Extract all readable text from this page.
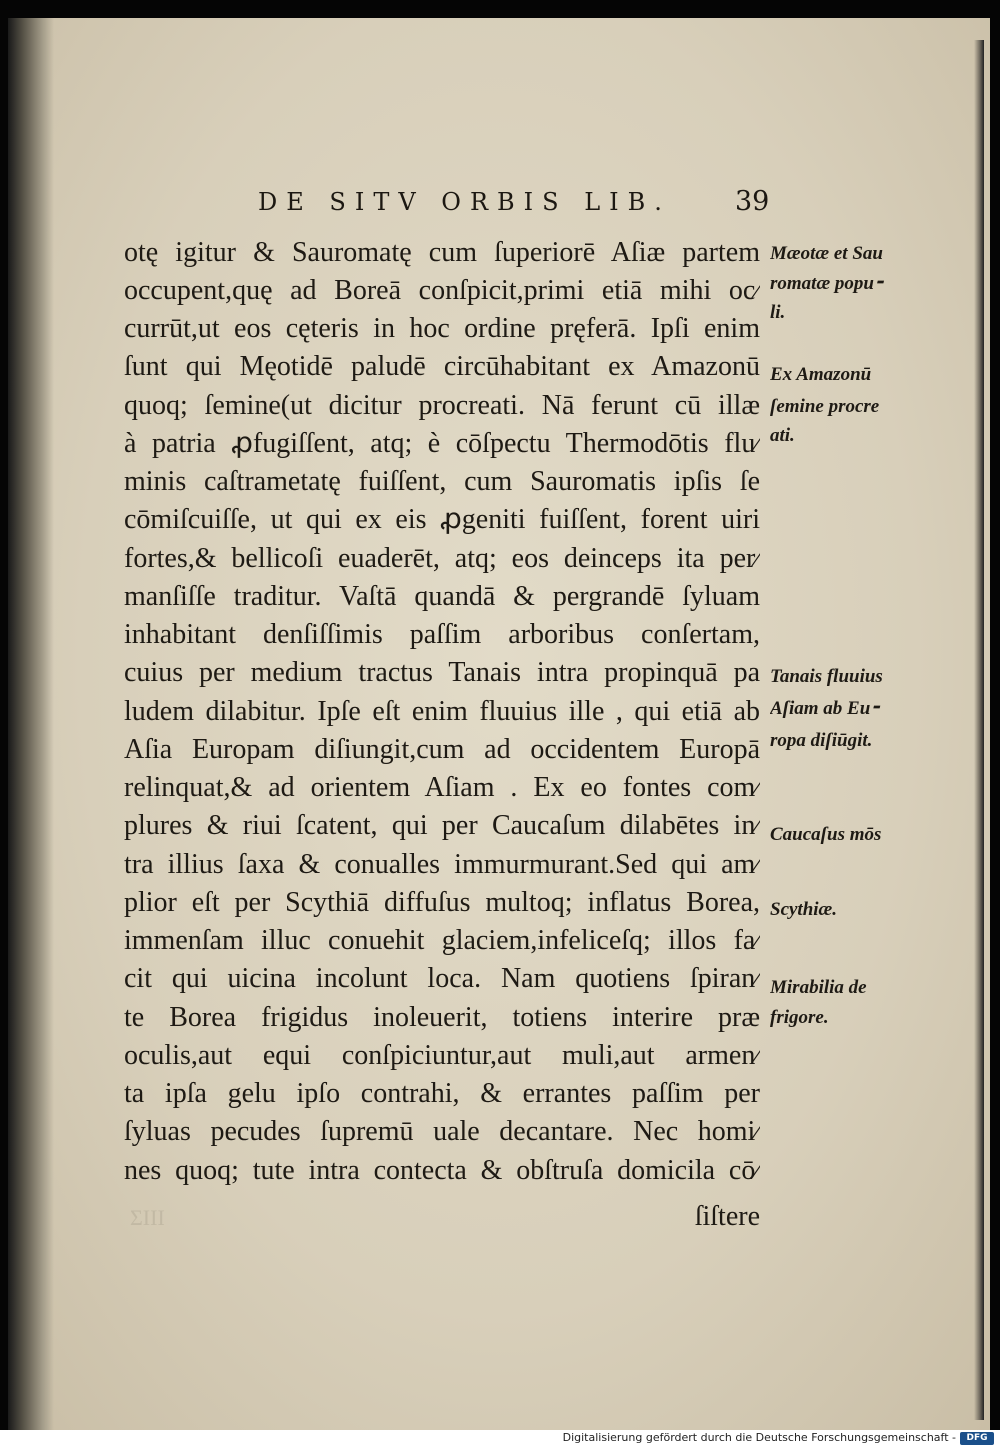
DE SITV ORBIS LIB.	39
otę igitur & Sauromatę cum ſuperiorē Aſiæ partem
occupent,quę ad Boreā conſpicit,primi etiā mihi oc⁄
currūt,ut eos cęteris in hoc ordine pręferā. Ipſi enim
ſunt qui Męotidē paludē circūhabitant ex Amazonū
quoq; ſemine(ut dicitur procreati. Nā ferunt cū illæ
à patria ꝓfugiſſent, atq; è cōſpectu Thermodōtis flu⁄
minis caſtrametatę fuiſſent, cum Sauromatis ipſis ſe
cōmiſcuiſſe, ut qui ex eis ꝓgeniti fuiſſent, forent uiri
fortes,& bellicoſi euaderēt, atq; eos deinceps ita per⁄
manſiſſe traditur. Vaſtā quandā & pergrandē ſyluam
inhabitant denſiſſimis paſſim arboribus conſertam,
cuius per medium tractus Tanais intra propinquā pa
ludem dilabitur. Ipſe eſt enim fluuius ille , qui etiā ab
Aſia Europam diſiungit,cum ad occidentem Europā
relinquat,& ad orientem Aſiam . Ex eo fontes com⁄
plures & riui ſcatent, qui per Caucaſum dilabētes in⁄
tra illius ſaxa & conualles immurmurant.Sed qui am⁄
plior eſt per Scythiā diffuſus multoq; inflatus Borea,
immenſam illuc conuehit glaciem,infeliceſq; illos fa⁄
cit qui uicina incolunt loca. Nam quotiens ſpiran⁄
te Borea frigidus inoleuerit, totiens interire præ
oculis,aut equi conſpiciuntur,aut muli,aut armen⁄
ta ipſa gelu ipſo contrahi, & errantes paſſim per
ſyluas pecudes ſupremū uale decantare. Nec homi⁄
nes quoq; tute intra contecta & obſtruſa domicila cō⁄
ſiſtere
Mæotæ et Sau
romatæ popu⁃
li.
Ex Amazonū
ſemine procre
ati.
Tanais fluuius
Aſiam ab Eu⁃
ropa diſiūgit.
Caucaſus mōs
Scythiæ.
Mirabilia de
frigore.
ΣΙΙΙ
Digitalisierung gefördert durch die Deutsche Forschungsgemeinschaft -	DFG
